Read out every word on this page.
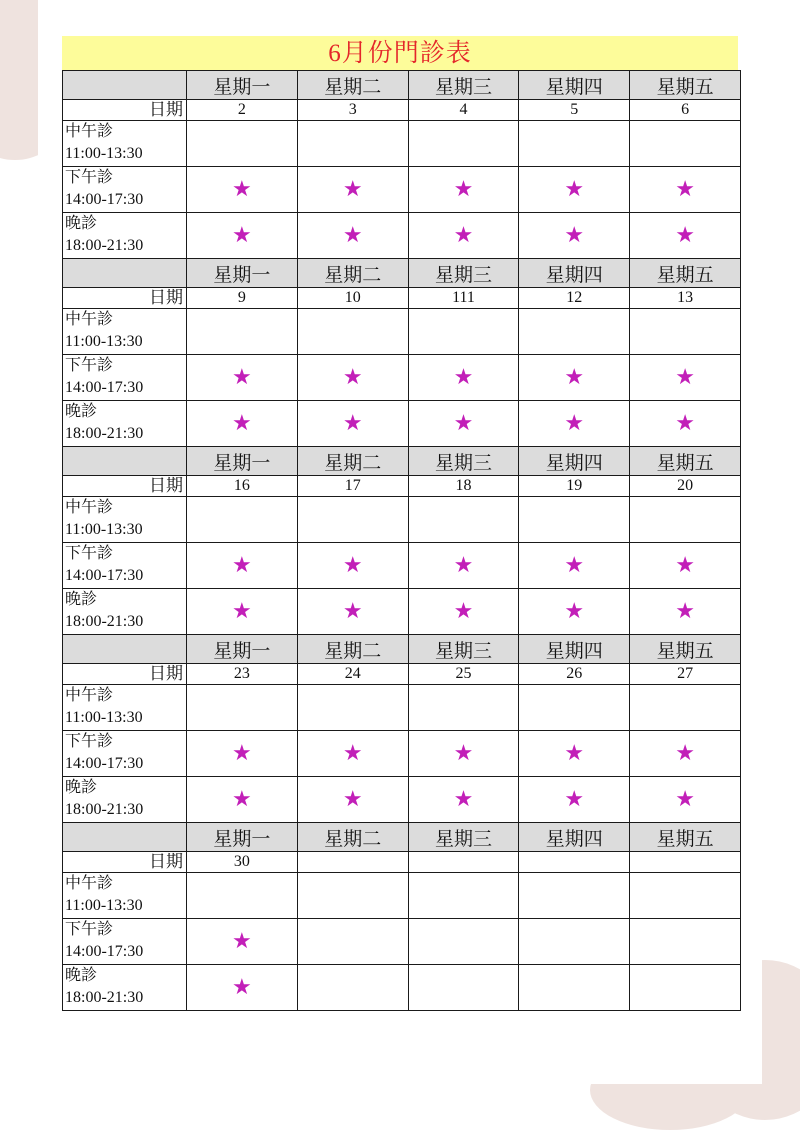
6月份門診表
	星期一	星期二	星期三	星期四	星期五
日期	2	3	4	5	6

中午診
11:00-13:30					

下午診
14:00-17:30	★	★	★	★	★

晚診
18:00-21:30	★	★	★	★	★
	星期一	星期二	星期三	星期四	星期五
日期	9	10	111	12	13

中午診
11:00-13:30					

下午診
14:00-17:30	★	★	★	★	★

晚診
18:00-21:30	★	★	★	★	★
	星期一	星期二	星期三	星期四	星期五
日期	16	17	18	19	20

中午診
11:00-13:30					

下午診
14:00-17:30	★	★	★	★	★

晚診
18:00-21:30	★	★	★	★	★
	星期一	星期二	星期三	星期四	星期五
日期	23	24	25	26	27

中午診
11:00-13:30					

下午診
14:00-17:30	★	★	★	★	★

晚診
18:00-21:30	★	★	★	★	★
	星期一	星期二	星期三	星期四	星期五
日期	30				

中午診
11:00-13:30					

下午診
14:00-17:30	★				

晚診
18:00-21:30	★				
